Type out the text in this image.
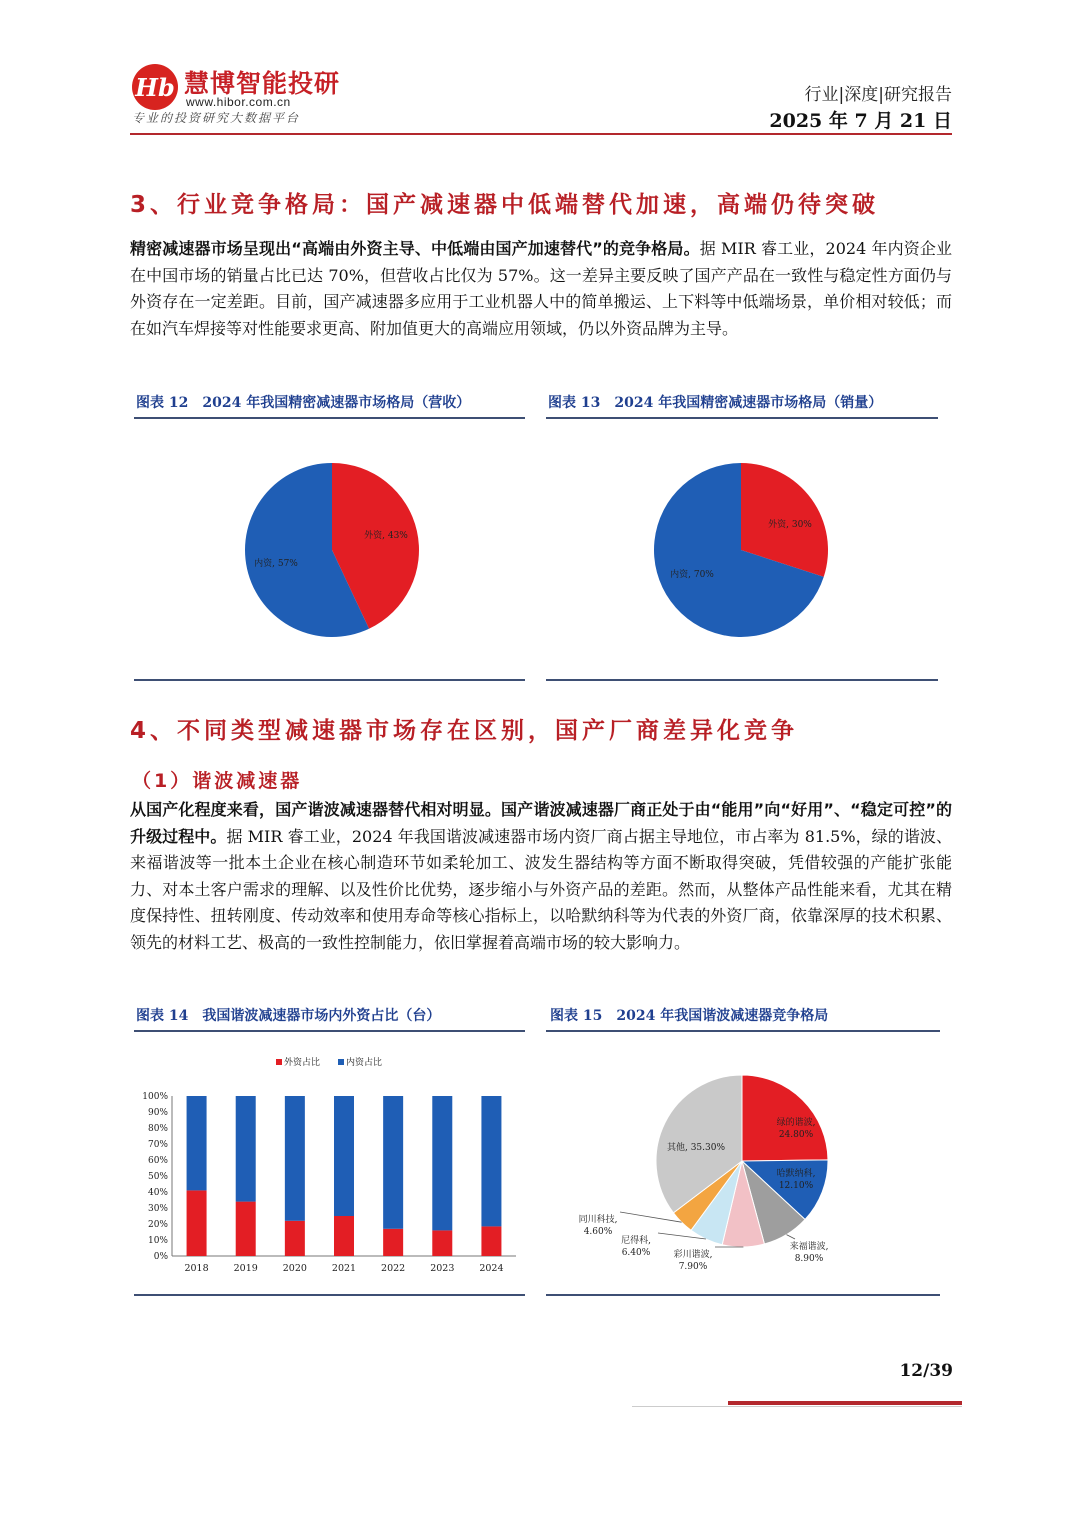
Hb 慧博智能投研
www.hibor.com.cn
专业的投资研究大数据平台
行业|深度|研究报告
2025 年 7 月 21 日
3、行业竞争格局：国产减速器中低端替代加速，高端仍待突破
精密减速器市场呈现出“高端由外资主导、中低端由国产加速替代”的竞争格局。据 MIR 睿工业，2024 年内资企业在中国市场的销量占比已达 70%，但营收占比仅为 57%。这一差异主要反映了国产产品在一致性与稳定性方面仍与外资存在一定差距。目前，国产减速器多应用于工业机器人中的简单搬运、上下料等中低端场景，单价相对较低；而在如汽车焊接等对性能要求更高、附加值更大的高端应用领域，仍以外资品牌为主导。
图表 12　2024 年我国精密减速器市场格局（营收）
外资, 43%
内资, 57%
图表 13　2024 年我国精密减速器市场格局（销量）
外资, 30%
内资, 70%
4、不同类型减速器市场存在区别，国产厂商差异化竞争
（1）谐波减速器
从国产化程度来看，国产谐波减速器替代相对明显。国产谐波减速器厂商正处于由“能用”向“好用”、“稳定可控”的升级过程中。据 MIR 睿工业，2024 年我国谐波减速器市场内资厂商占据主导地位，市占率为 81.5%，绿的谐波、来福谐波等一批本土企业在核心制造环节如柔轮加工、波发生器结构等方面不断取得突破，凭借较强的产能扩张能力、对本土客户需求的理解、以及性价比优势，逐步缩小与外资产品的差距。然而，从整体产品性能来看，尤其在精度保持性、扭转刚度、传动效率和使用寿命等核心指标上，以哈默纳科等为代表的外资厂商，依靠深厚的技术积累、领先的材料工艺、极高的一致性控制能力，依旧掌握着高端市场的较大影响力。
图表 14　我国谐波减速器市场内外资占比（台）
0%
10%
20%
30%
40%
50%
60%
70%
80%
90%
100%
2018	2019	2020	2021	2022	2023	2024
外资占比	内资占比
图表 15　2024 年我国谐波减速器竞争格局
绿的谐波,
24.80%
哈默纳科,
12.10%
来福谐波,
8.90%
彩川谐波,
7.90%
尼得科,
6.40%
同川科技,
4.60%
其他, 35.30%
12/39
